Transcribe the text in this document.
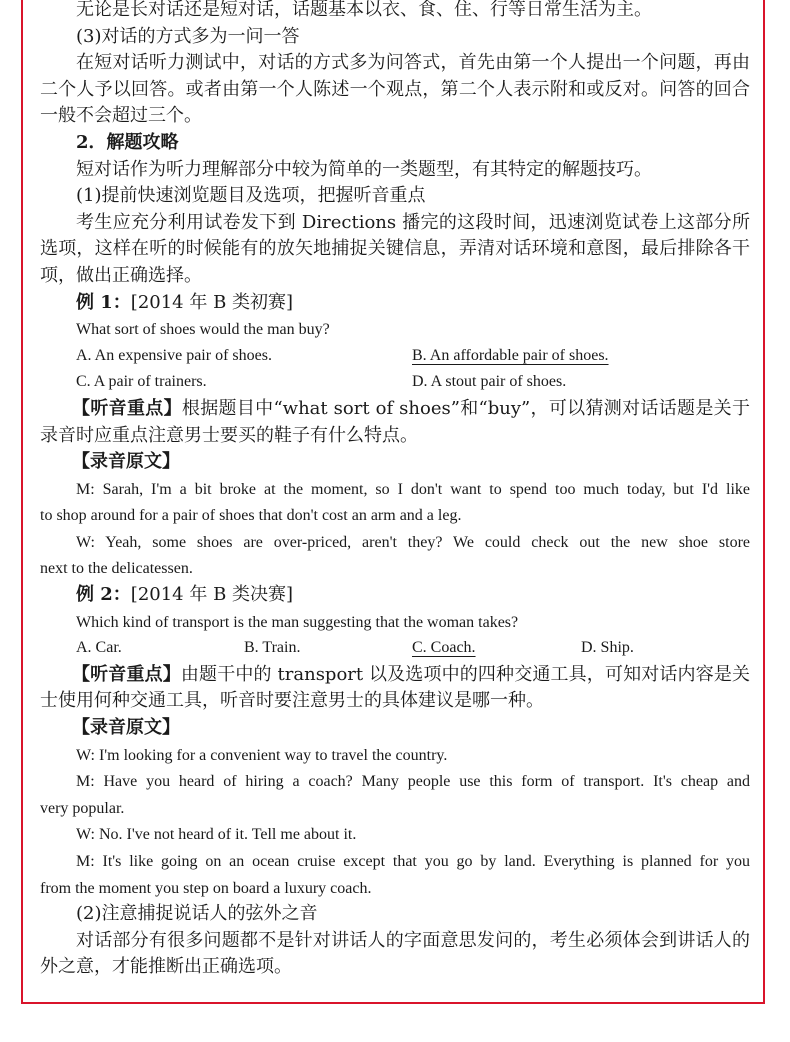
无论是长对话还是短对话，话题基本以衣、食、住、行等日常生活为主。
(3)对话的方式多为一问一答
在短对话听力测试中，对话的方式多为问答式，首先由第一个人提出一个问题，再由
二个人予以回答。或者由第一个人陈述一个观点，第二个人表示附和或反对。问答的回合
一般不会超过三个。
2．解题攻略
短对话作为听力理解部分中较为简单的一类题型，有其特定的解题技巧。
(1)提前快速浏览题目及选项，把握听音重点
考生应充分利用试卷发下到 Directions 播完的这段时间，迅速浏览试卷上这部分所
选项，这样在听的时候能有的放矢地捕捉关键信息，弄清对话环境和意图，最后排除各干
项，做出正确选择。
例 1：[2014 年 B 类初赛]
What sort of shoes would the man buy?
A. An expensive pair of shoes.	B. An affordable pair of shoes.
C. A pair of trainers.	D. A stout pair of shoes.
【听音重点】根据题目中“what sort of shoes”和“buy”，可以猜测对话话题是关于
录音时应重点注意男士要买的鞋子有什么特点。
【录音原文】
M: Sarah, I'm a bit broke at the moment, so I don't want to spend too much today, but I'd like
to shop around for a pair of shoes that don't cost an arm and a leg.
W: Yeah, some shoes are over-priced, aren't they? We could check out the new shoe store
next to the delicatessen.
例 2：[2014 年 B 类决赛]
Which kind of transport is the man suggesting that the woman takes?
A. Car.	B. Train.	C. Coach.	D. Ship.
【听音重点】由题干中的 transport 以及选项中的四种交通工具，可知对话内容是关
士使用何种交通工具，听音时要注意男士的具体建议是哪一种。
【录音原文】
W: I'm looking for a convenient way to travel the country.
M: Have you heard of hiring a coach? Many people use this form of transport. It's cheap and
very popular.
W: No. I've not heard of it. Tell me about it.
M: It's like going on an ocean cruise except that you go by land. Everything is planned for you
from the moment you step on board a luxury coach.
(2)注意捕捉说话人的弦外之音
对话部分有很多问题都不是针对讲话人的字面意思发问的，考生必须体会到讲话人的
外之意，才能推断出正确选项。
